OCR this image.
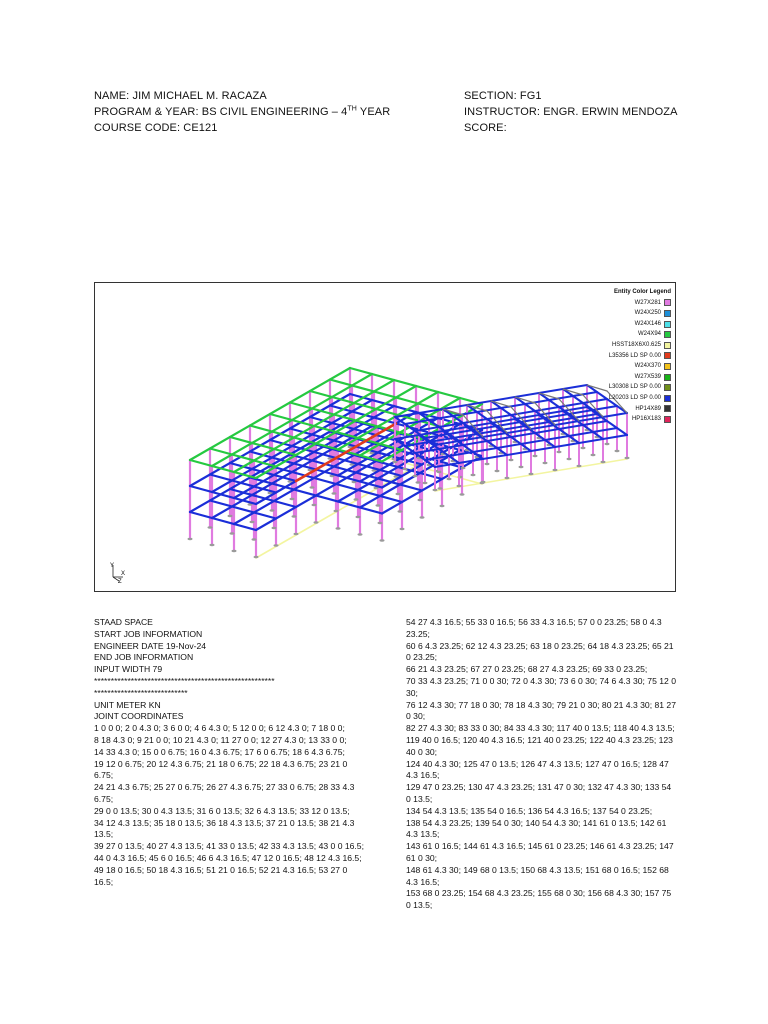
NAME: JIM MICHAEL M. RACAZA
PROGRAM & YEAR: BS CIVIL ENGINEERING – 4TH YEAR
COURSE CODE: CE121
SECTION: FG1
INSTRUCTOR: ENGR. ERWIN MENDOZA
SCORE:
Entity Color Legend
W27X281
W24X250
W24X146
W24X94
HSST18X6X0.625
L35356 LD SP 0.00
W24X370
W27X539
L30308 LD SP 0.00
L20203 LD SP 0.00
HP14X89
HP16X183
Y
X
Z
STAAD SPACE
START JOB INFORMATION
ENGINEER DATE 19-Nov-24
END JOB INFORMATION
INPUT WIDTH 79
******************************************************
****************************
UNIT METER KN
JOINT COORDINATES
1 0 0 0; 2 0 4.3 0; 3 6 0 0; 4 6 4.3 0; 5 12 0 0; 6 12 4.3 0; 7 18 0 0;
8 18 4.3 0; 9 21 0 0; 10 21 4.3 0; 11 27 0 0; 12 27 4.3 0; 13 33 0 0;
14 33 4.3 0; 15 0 0 6.75; 16 0 4.3 6.75; 17 6 0 6.75; 18 6 4.3 6.75;
19 12 0 6.75; 20 12 4.3 6.75; 21 18 0 6.75; 22 18 4.3 6.75; 23 21 0 6.75;
24 21 4.3 6.75; 25 27 0 6.75; 26 27 4.3 6.75; 27 33 0 6.75; 28 33 4.3 6.75;
29 0 0 13.5; 30 0 4.3 13.5; 31 6 0 13.5; 32 6 4.3 13.5; 33 12 0 13.5;
34 12 4.3 13.5; 35 18 0 13.5; 36 18 4.3 13.5; 37 21 0 13.5; 38 21 4.3 13.5;
39 27 0 13.5; 40 27 4.3 13.5; 41 33 0 13.5; 42 33 4.3 13.5; 43 0 0 16.5;
44 0 4.3 16.5; 45 6 0 16.5; 46 6 4.3 16.5; 47 12 0 16.5; 48 12 4.3 16.5;
49 18 0 16.5; 50 18 4.3 16.5; 51 21 0 16.5; 52 21 4.3 16.5; 53 27 0 16.5;
54 27 4.3 16.5; 55 33 0 16.5; 56 33 4.3 16.5; 57 0 0 23.25; 58 0 4.3 23.25;
60 6 4.3 23.25; 62 12 4.3 23.25; 63 18 0 23.25; 64 18 4.3 23.25; 65 21 0 23.25;
66 21 4.3 23.25; 67 27 0 23.25; 68 27 4.3 23.25; 69 33 0 23.25;
70 33 4.3 23.25; 71 0 0 30; 72 0 4.3 30; 73 6 0 30; 74 6 4.3 30; 75 12 0 30;
76 12 4.3 30; 77 18 0 30; 78 18 4.3 30; 79 21 0 30; 80 21 4.3 30; 81 27 0 30;
82 27 4.3 30; 83 33 0 30; 84 33 4.3 30; 117 40 0 13.5; 118 40 4.3 13.5;
119 40 0 16.5; 120 40 4.3 16.5; 121 40 0 23.25; 122 40 4.3 23.25; 123 40 0 30;
124 40 4.3 30; 125 47 0 13.5; 126 47 4.3 13.5; 127 47 0 16.5; 128 47 4.3 16.5;
129 47 0 23.25; 130 47 4.3 23.25; 131 47 0 30; 132 47 4.3 30; 133 54 0 13.5;
134 54 4.3 13.5; 135 54 0 16.5; 136 54 4.3 16.5; 137 54 0 23.25;
138 54 4.3 23.25; 139 54 0 30; 140 54 4.3 30; 141 61 0 13.5; 142 61 4.3 13.5;
143 61 0 16.5; 144 61 4.3 16.5; 145 61 0 23.25; 146 61 4.3 23.25; 147 61 0 30;
148 61 4.3 30; 149 68 0 13.5; 150 68 4.3 13.5; 151 68 0 16.5; 152 68 4.3 16.5;
153 68 0 23.25; 154 68 4.3 23.25; 155 68 0 30; 156 68 4.3 30; 157 75 0 13.5;
